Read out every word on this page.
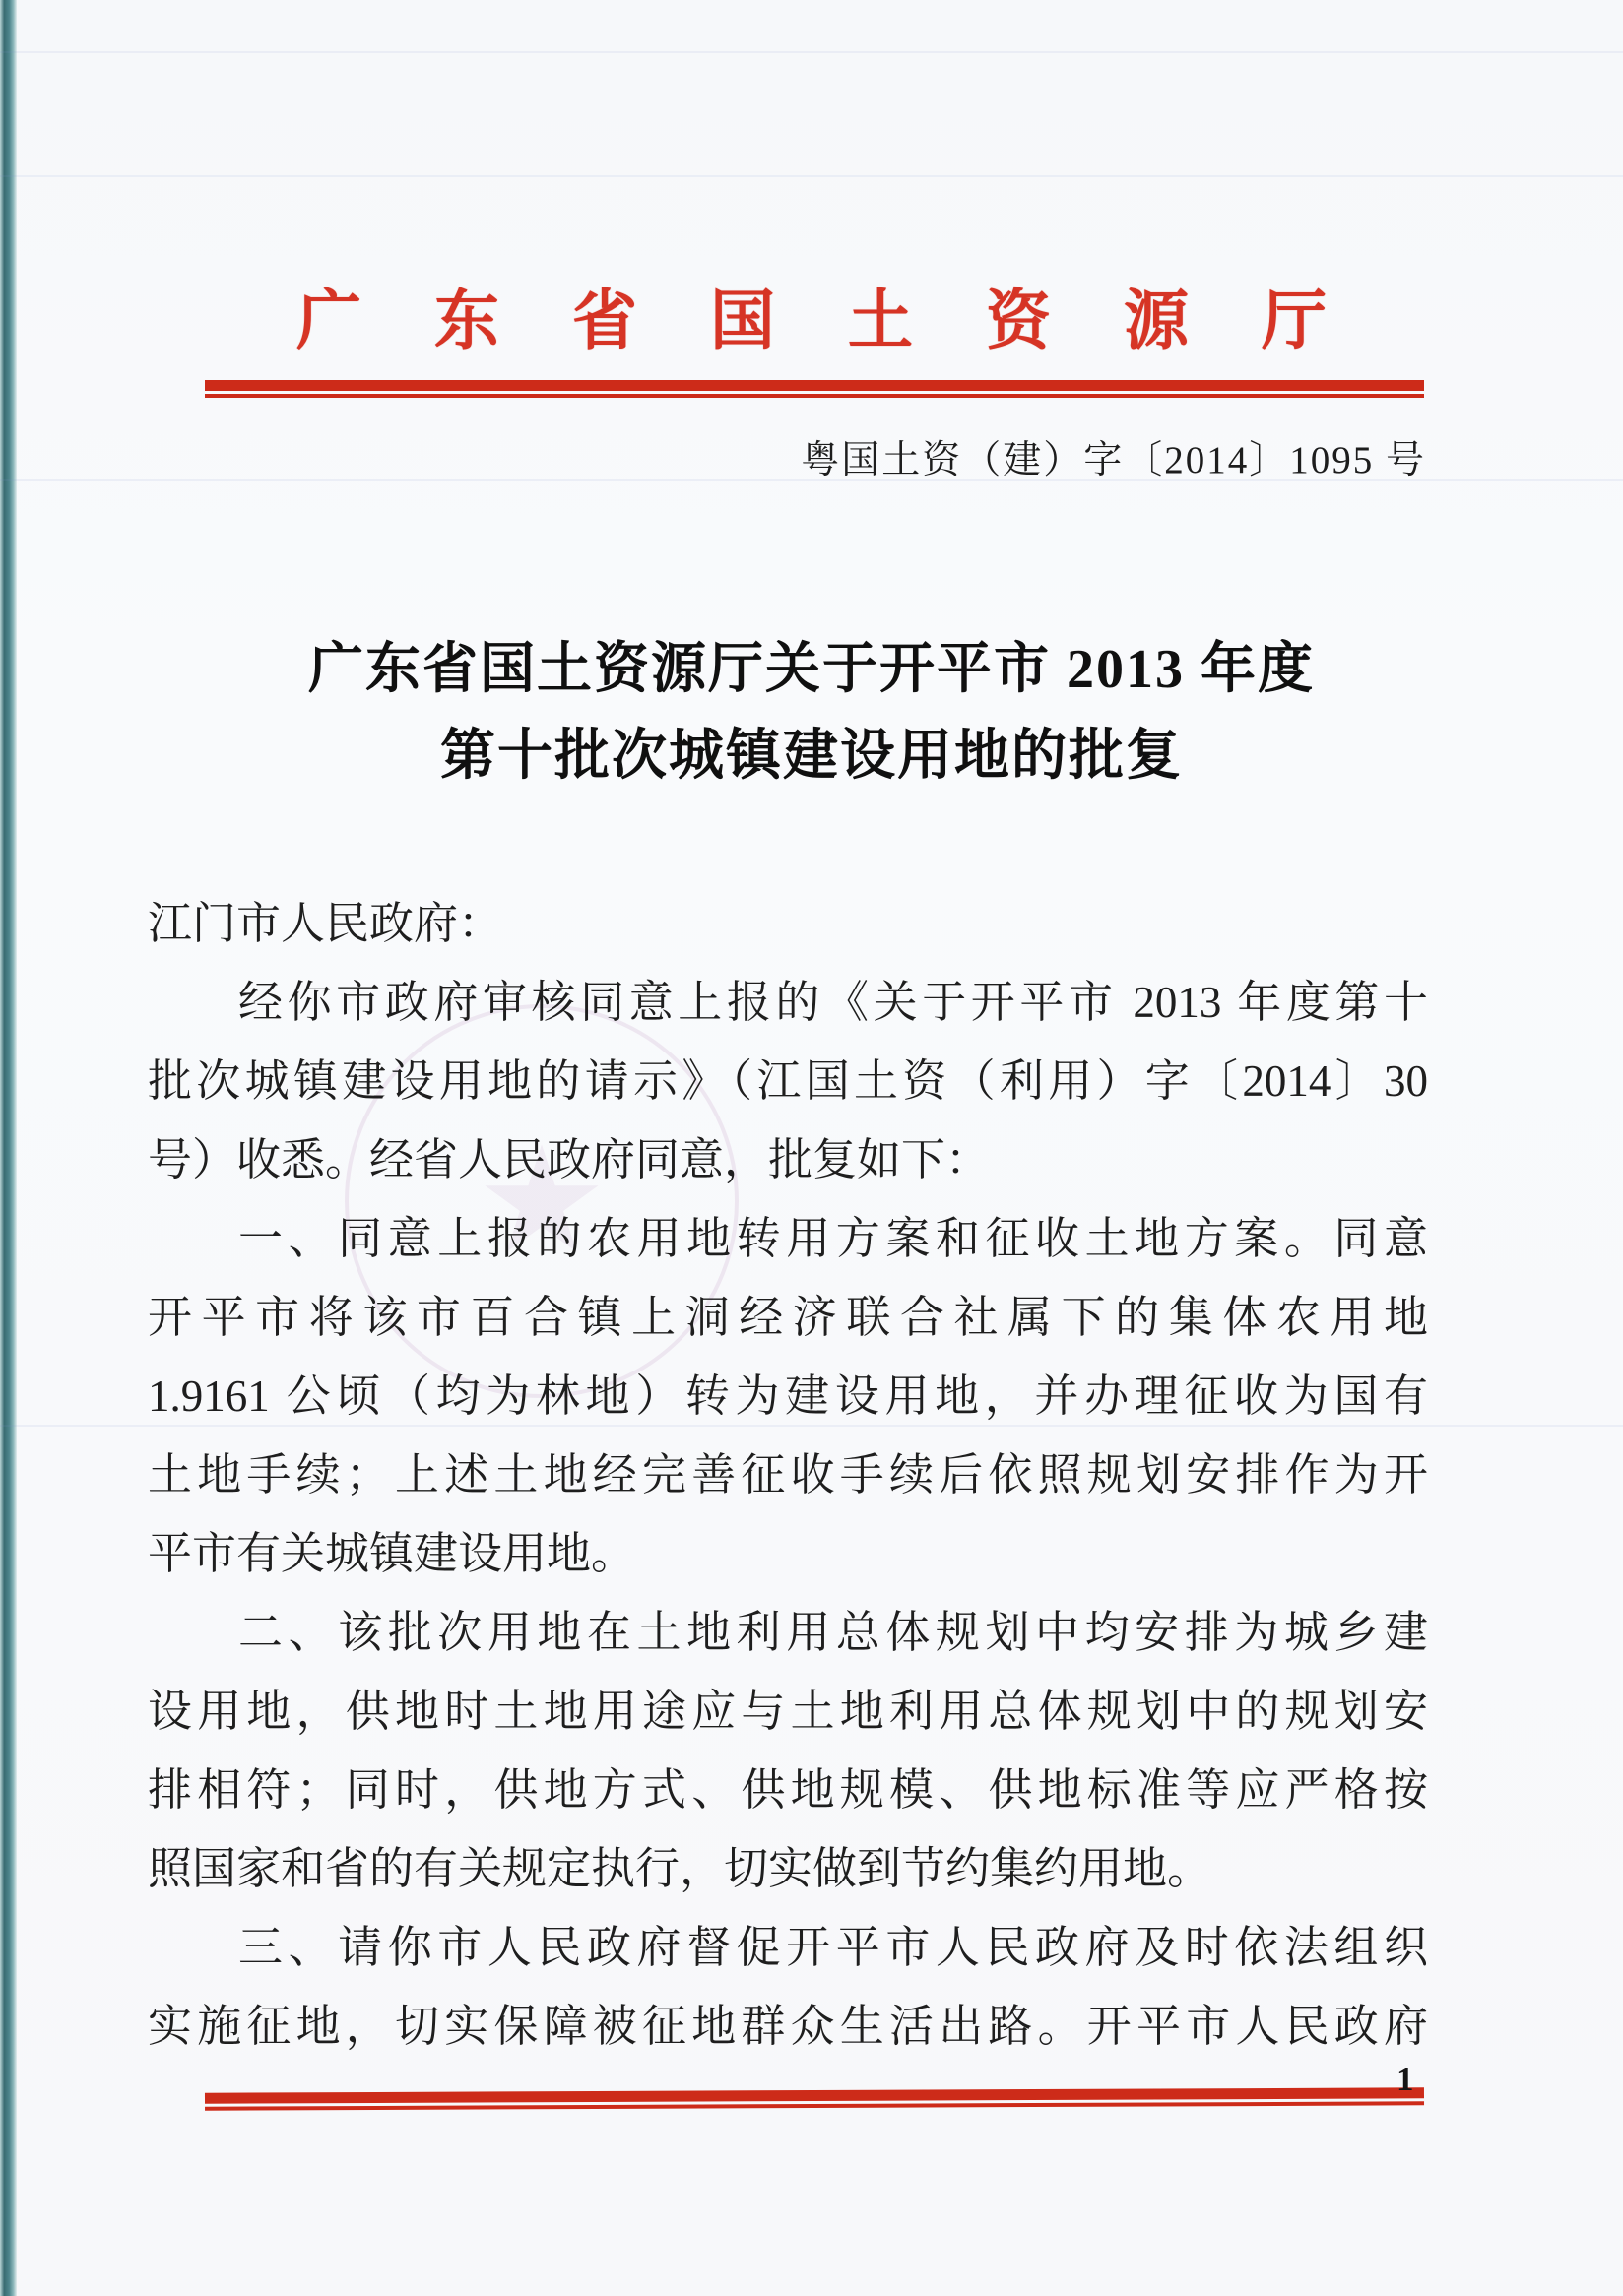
★
广东省国土资源厅
粤国土资（建）字〔2014〕1095 号
广东省国土资源厅关于开平市 2013 年度
第十批次城镇建设用地的批复
江门市人民政府：
经你市政府审核同意上报的《关于开平市 2013 年度第十
批次城镇建设用地的请示》（江国土资（利用）字〔2014〕30
号）收悉。经省人民政府同意，批复如下：
一、同意上报的农用地转用方案和征收土地方案。同意
开平市将该市百合镇上洞经济联合社属下的集体农用地
1.9161 公顷（均为林地）转为建设用地，并办理征收为国有
土地手续；上述土地经完善征收手续后依照规划安排作为开
平市有关城镇建设用地。
二、该批次用地在土地利用总体规划中均安排为城乡建
设用地，供地时土地用途应与土地利用总体规划中的规划安
排相符；同时，供地方式、供地规模、供地标准等应严格按
照国家和省的有关规定执行，切实做到节约集约用地。
三、请你市人民政府督促开平市人民政府及时依法组织
实施征地，切实保障被征地群众生活出路。开平市人民政府
1
